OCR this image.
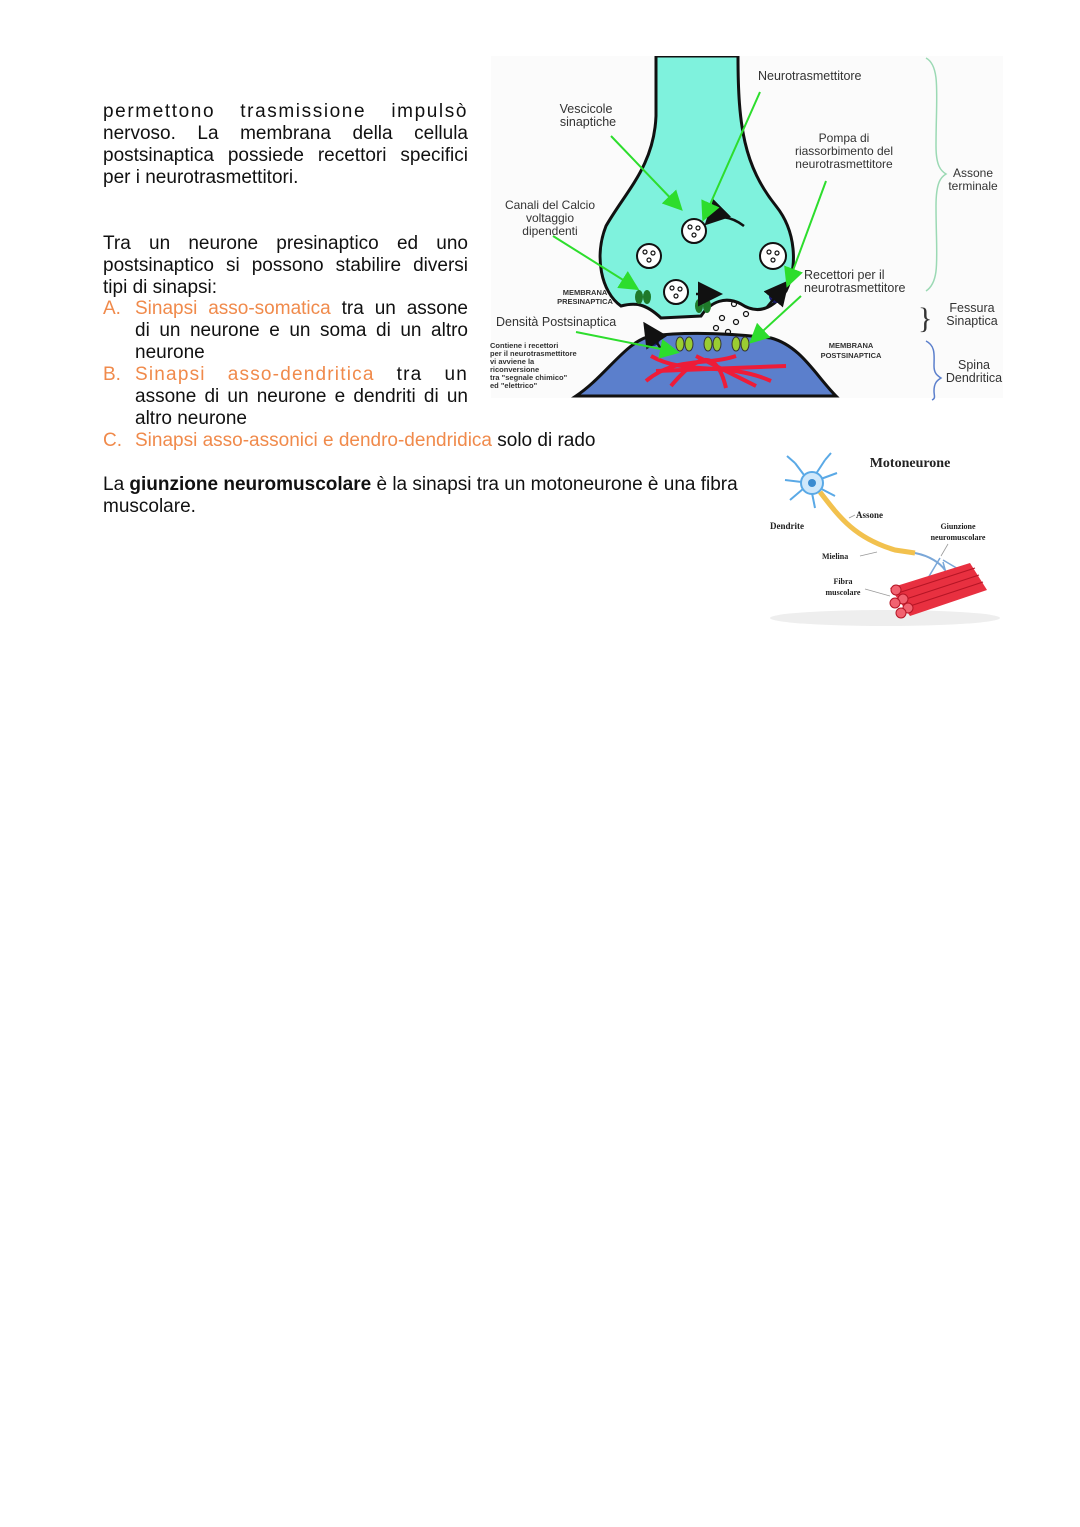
permettono trasmissione impulsò
nervoso. La membrana della cellula
postsinaptica possiede recettori specifici
per i neurotrasmettitori.
Tra un neurone presinaptico ed uno
postsinaptico si possono stabilire diversi
tipi di sinapsi:
A. Sinapsi asso-somatica tra un assone
di un neurone e un soma di un altro neurone
B. Sinapsi asso-dendritica tra un
assone di un neurone e dendriti di un altro neurone
C. Sinapsi asso-assonici e dendro-dendridica solo di rado
La giunzione neuromuscolare è la sinapsi tra un motoneurone è una fibra muscolare.
Neurotrasmettitore
Vescicole
sinaptiche
Pompa di
riassorbimento del
neurotrasmettitore
Assone
terminale
Canali del Calcio
voltaggio
dipendenti
Recettori per il
neurotrasmettitore
MEMBRANA
PRESINAPTICA	Fessura
Sinaptica
}
Densità Postsinaptica
Contiene i recettori
per il neurotrasmettitore
vi avviene la
riconversione
tra "segnale chimico"
ed "elettrico"
MEMBRANA
POSTSINAPTICA
Spina
Dendritica
Motoneurone
Assone
Dendrite	Giunzione
neuromuscolare
Mielina
Fibra
muscolare
